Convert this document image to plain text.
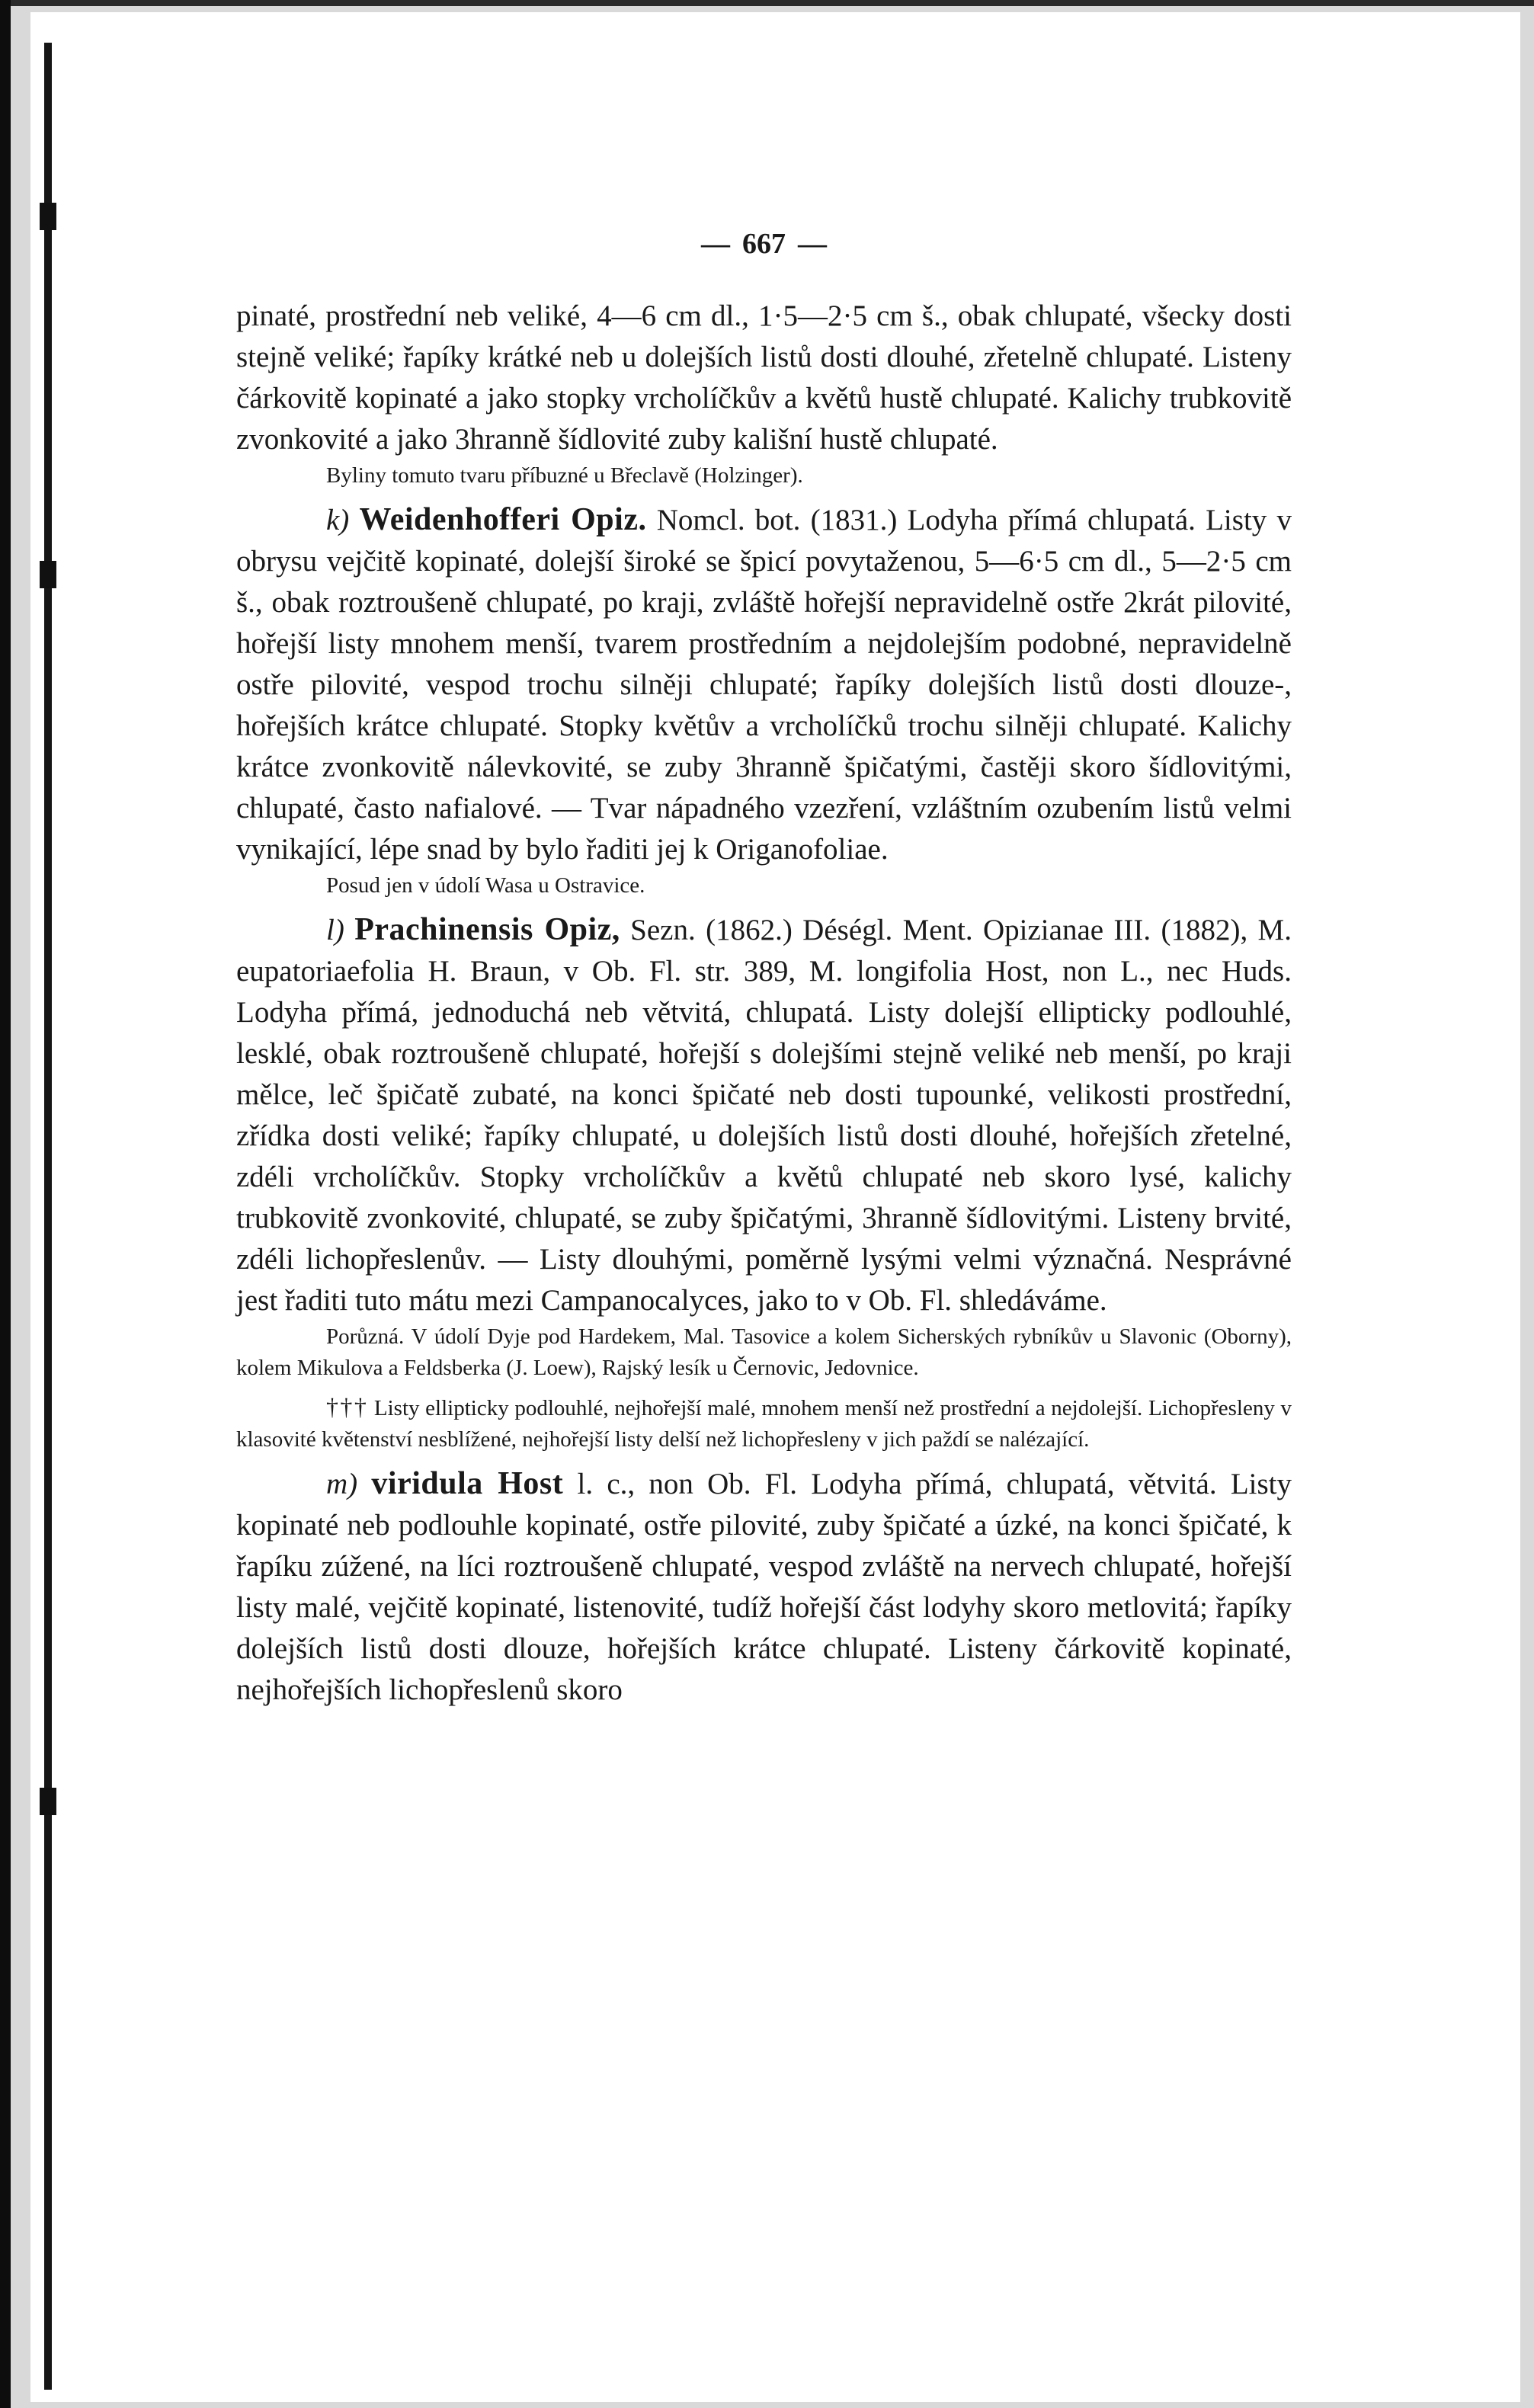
— 667 —

pinaté, prostřední neb veliké, 4—6 cm dl., 1·5—2·5 cm š., obak chlupaté, všecky dosti stejně veliké; řapíky krátké neb u dolejších listů dosti dlouhé, zřetelně chlupaté. Listeny čárkovitě kopinaté a jako stopky vrcholíčkův a květů hustě chlupaté. Kalichy trubkovitě zvonkovité a jako 3hranně šídlovité zuby kališní hustě chlupaté.

Byliny tomuto tvaru příbuzné u Břeclavě (Holzinger).

k) Weidenhofferi Opiz. Nomcl. bot. (1831.) Lodyha přímá chlupatá. Listy v obrysu vejčitě kopinaté, dolejší široké se špicí povytaženou, 5—6·5 cm dl., 5—2·5 cm š., obak roztroušeně chlupaté, po kraji, zvláště hořejší nepravidelně ostře 2krát pilovité, hořejší listy mnohem menší, tvarem prostředním a nejdolejším podobné, nepravidelně ostře pilovité, vespod trochu silněji chlupaté; řapíky dolejších listů dosti dlouze-, hořejších krátce chlupaté. Stopky květův a vrcholíčků trochu silněji chlupaté. Kalichy krátce zvonkovitě nálevkovité, se zuby 3hranně špičatými, častěji skoro šídlovitými, chlupaté, často nafialové. — Tvar nápadného vzezření, vzláštním ozubením listů velmi vynikající, lépe snad by bylo řaditi jej k Origanofoliae.

Posud jen v údolí Wasa u Ostravice.

l) Prachinensis Opiz, Sezn. (1862.) Déségl. Ment. Opizianae III. (1882), M. eupatoriaefolia H. Braun, v Ob. Fl. str. 389, M. longifolia Host, non L., nec Huds. Lodyha přímá, jednoduchá neb větvitá, chlupatá. Listy dolejší ellipticky podlouhlé, lesklé, obak roztroušeně chlupaté, hořejší s dolejšími stejně veliké neb menší, po kraji mělce, leč špičatě zubaté, na konci špičaté neb dosti tupounké, velikosti prostřední, zřídka dosti veliké; řapíky chlupaté, u dolejších listů dosti dlouhé, hořejších zřetelné, zdéli vrcholíčkův. Stopky vrcholíčkův a květů chlupaté neb skoro lysé, kalichy trubkovitě zvonkovité, chlupaté, se zuby špičatými, 3hranně šídlovitými. Listeny brvité, zdéli lichopřeslenův. — Listy dlouhými, poměrně lysými velmi význačná. Nesprávné jest řaditi tuto mátu mezi Campanocalyces, jako to v Ob. Fl. shledáváme.

Porůzná. V údolí Dyje pod Hardekem, Mal. Tasovice a kolem Sicherských rybníkův u Slavonic (Oborny), kolem Mikulova a Feldsberka (J. Loew), Rajský lesík u Černovic, Jedovnice.

††† Listy ellipticky podlouhlé, nejhořejší malé, mnohem menší než prostřední a nejdolejší. Lichopřesleny v klasovité květenství nesblížené, nejhořejší listy delší než lichopřesleny v jich paždí se nalézající.

m) viridula Host l. c., non Ob. Fl. Lodyha přímá, chlupatá, větvitá. Listy kopinaté neb podlouhle kopinaté, ostře pilovité, zuby špičaté a úzké, na konci špičaté, k řapíku zúžené, na líci roztroušeně chlupaté, vespod zvláště na nervech chlupaté, hořejší listy malé, vejčitě kopinaté, listenovité, tudíž hořejší část lodyhy skoro metlovitá; řapíky dolejších listů dosti dlouze, hořejších krátce chlupaté. Listeny čárkovitě kopinaté, nejhořejších lichopřeslenů skoro
